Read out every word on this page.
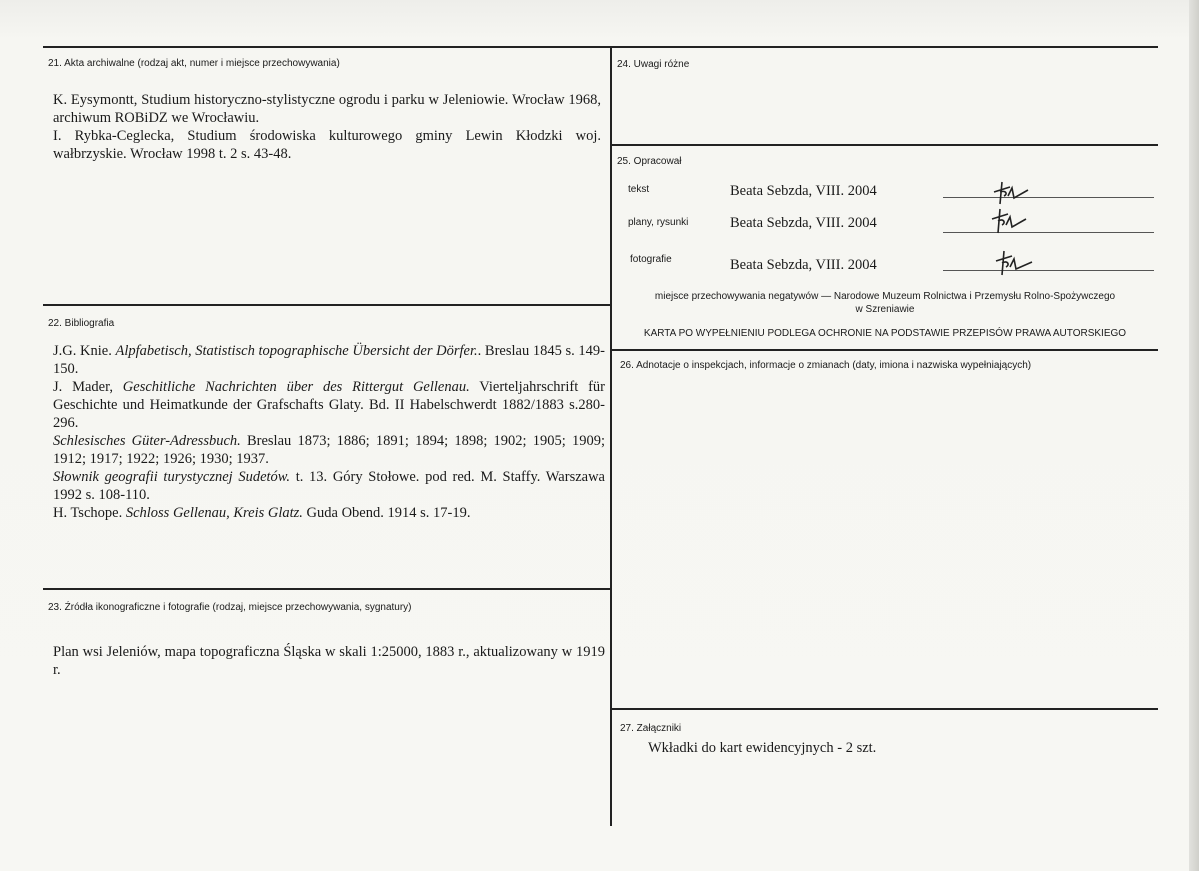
21. Akta archiwalne (rodzaj akt, numer i miejsce przechowywania)

K. Eysymontt, Studium historyczno-stylistyczne ogrodu i parku w Jeleniowie. Wrocław 1968, archiwum ROBiDZ we Wrocławiu.

I. Rybka-Ceglecka, Studium środowiska kulturowego gminy Lewin Kłodzki woj. wałbrzyskie. Wrocław 1998 t. 2 s. 43-48.

22. Bibliografia

J.G. Knie. Alpfabetisch, Statistisch topographische Übersicht der Dörfer.. Breslau 1845 s. 149-150.

J. Mader, Geschitliche Nachrichten über des Rittergut Gellenau. Vierteljahrschrift für Geschichte und Heimatkunde der Grafschafts Glaty. Bd. II Habelschwerdt 1882/1883 s.280-296.

Schlesisches Güter-Adressbuch. Breslau 1873; 1886; 1891; 1894; 1898; 1902; 1905; 1909; 1912; 1917; 1922; 1926; 1930; 1937.

Słownik geografii turystycznej Sudetów. t. 13. Góry Stołowe. pod red. M. Staffy. Warszawa 1992 s. 108-110.

H. Tschope. Schloss Gellenau, Kreis Glatz. Guda Obend. 1914 s. 17-19.

23. Źródła ikonograficzne i fotografie (rodzaj, miejsce przechowywania, sygnatury)
Plan wsi Jeleniów, mapa topograficzna Śląska w skali 1:25000, 1883 r., aktualizowany w 1919 r.
24. Uwagi różne
25. Opracował
tekst	Beata Sebzda, VIII. 2004
plany, rysunki	Beata Sebzda, VIII. 2004
fotografie	Beata Sebzda, VIII. 2004
miejsce przechowywania negatywów — Narodowe Muzeum Rolnictwa i Przemysłu Rolno-Spożywczego
w Szreniawie
KARTA PO WYPEŁNIENIU PODLEGA OCHRONIE NA PODSTAWIE PRZEPISÓW PRAWA AUTORSKIEGO
26. Adnotacje o inspekcjach, informacje o zmianach (daty, imiona i nazwiska wypełniających)
27. Załączniki
Wkładki do kart ewidencyjnych - 2 szt.
